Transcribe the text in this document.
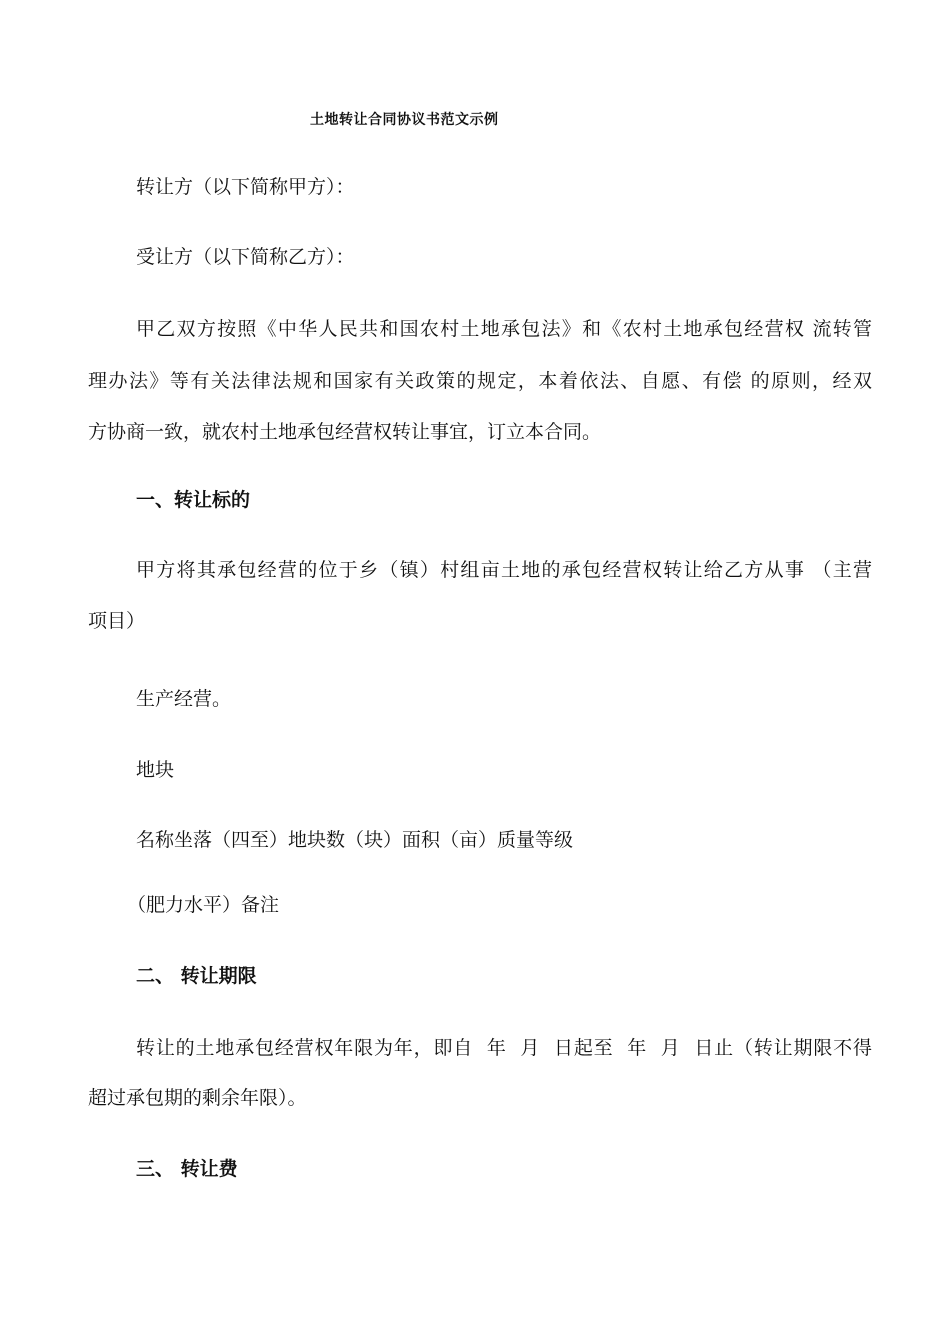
土地转让合同协议书范文示例
转让方（以下简称甲方）：
受让方（以下简称乙方）：
甲乙双方按照《中华人民共和国农村土地承包法》和《农村土地承包经营权 流转管
理办法》等有关法律法规和国家有关政策的规定，本着依法、自愿、有偿 的原则，经双
方协商一致，就农村土地承包经营权转让事宜，订立本合同。
一、转让标的
甲方将其承包经营的位于乡（镇）村组亩土地的承包经营权转让给乙方从事 （主营
项目）
生产经营。
地块
名称坐落（四至）地块数（块）面积（亩）质量等级
（肥力水平）备注
二、 转让期限
转让的土地承包经营权年限为年，即自  年  月  日起至  年  月  日止（转让期限不得
超过承包期的剩余年限）。
三、 转让费
